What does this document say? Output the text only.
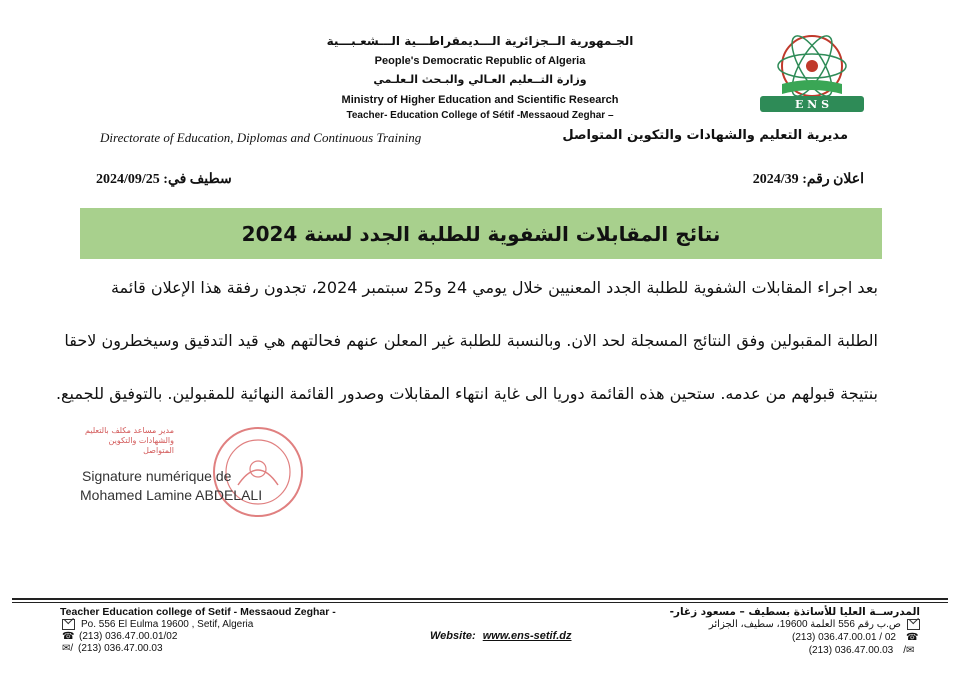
الجـمهورية الــجزائرية الـــديمقراطـــية الـــشعـبـــية
People's Democratic Republic of Algeria
وزارة التــعليم العـالي والبـحث الـعلـمي
Ministry of Higher Education and Scientific Research
Teacher- Education College of Sétif -Messaoud Zeghar –
E N S
Directorate of Education, Diplomas and Continuous Training	مديرية التعليم والشهادات والتكوين المتواصل
اعلان رقم: 2024/39
سطيف في: 2024/09/25
نتائج المقابلات الشفوية للطلبة الجدد لسنة 2024
بعد اجراء المقابلات الشفوية للطلبة الجدد المعنيين خلال يومي 24 و25 سبتمبر 2024، تجدون رفقة هذا الإعلان قائمة
الطلبة المقبولين وفق النتائج المسجلة لحد الان. وبالنسبة للطلبة غير المعلن عنهم فحالتهم هي قيد التدقيق وسيخطرون لاحقا
بنتيجة قبولهم من عدمه. ستحين هذه القائمة دوريا الى غاية انتهاء المقابلات وصدور القائمة النهائية للمقبولين. بالتوفيق للجميع.
مدير مساعد مكلف بالتعليم والشهادات والتكوين المتواصل
Signature numérique de
Mohamed Lamine ABDELALI
Teacher Education college of Setif - Messaoud Zeghar -
Po. 556 El Eulma 19600 , Setif, Algeria
☎ (213) 036.47.00.01/02
✉/ (213) 036.47.00.03
Website: www.ens-setif.dz
المدرســة العليا للأساتذة بسطيف – مسعود زغار-
ص.ب رقم 556 العلمة 19600، سطيف، الجزائر
(213) 036.47.00.01 / 02 ☎
(213) 036.47.00.03 /✉
